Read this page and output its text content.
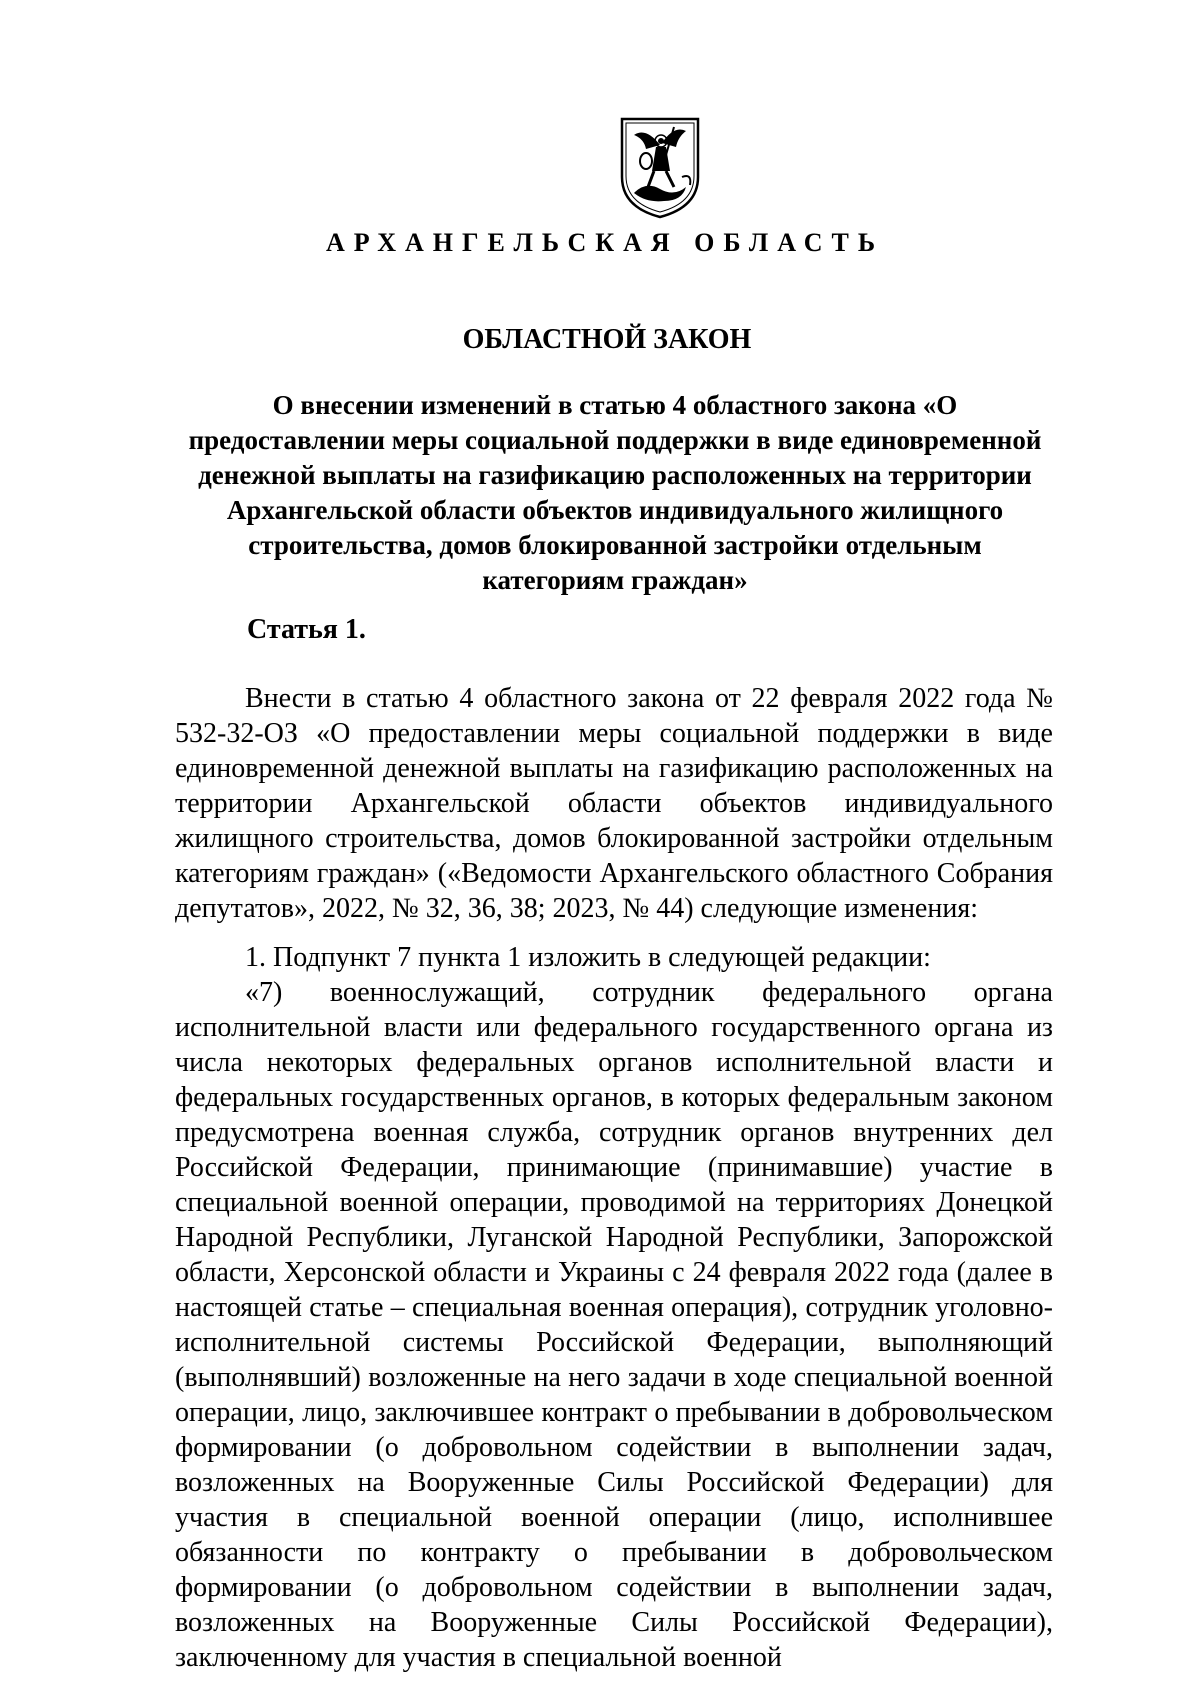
АРХАНГЕЛЬСКАЯ ОБЛАСТЬ
ОБЛАСТНОЙ ЗАКОН

О внесении изменений в статью 4 областного закона «О предоставлении меры социальной поддержки в виде единовременной денежной выплаты на газификацию расположенных на территории Архангельской области объектов индивидуального жилищного строительства, домов блокированной застройки отдельным категориям граждан»

Статья 1.

Внести в статью 4 областного закона от 22 февраля 2022 года № 532-32-ОЗ «О предоставлении меры социальной поддержки в виде единовременной денежной выплаты на газификацию расположенных на территории Архангельской области объектов индивидуального жилищного строительства, домов блокированной застройки отдельным категориям граждан» («Ведомости Архангельского областного Собрания депутатов», 2022, № 32, 36, 38; 2023, № 44) следующие изменения:

1. Подпункт 7 пункта 1 изложить в следующей редакции:

«7) военнослужащий, сотрудник федерального органа исполнительной власти или федерального государственного органа из числа некоторых федеральных органов исполнительной власти и федеральных государственных органов, в которых федеральным законом предусмотрена военная служба, сотрудник органов внутренних дел Российской Федерации, принимающие (принимавшие) участие в специальной военной операции, проводимой на территориях Донецкой Народной Республики, Луганской Народной Республики, Запорожской области, Херсонской области и Украины с 24 февраля 2022 года (далее в настоящей статье – специальная военная операция), сотрудник уголовно-исполнительной системы Российской Федерации, выполняющий (выполнявший) возложенные на него задачи в ходе специальной военной операции, лицо, заключившее контракт о пребывании в добровольческом формировании (о добровольном содействии в выполнении задач, возложенных на Вооруженные Силы Российской Федерации) для участия в специальной военной операции (лицо, исполнившее обязанности по контракту о пребывании в добровольческом формировании (о добровольном содействии в выполнении задач, возложенных на Вооруженные Силы Российской Федерации), заключенному для участия в специальной военной
